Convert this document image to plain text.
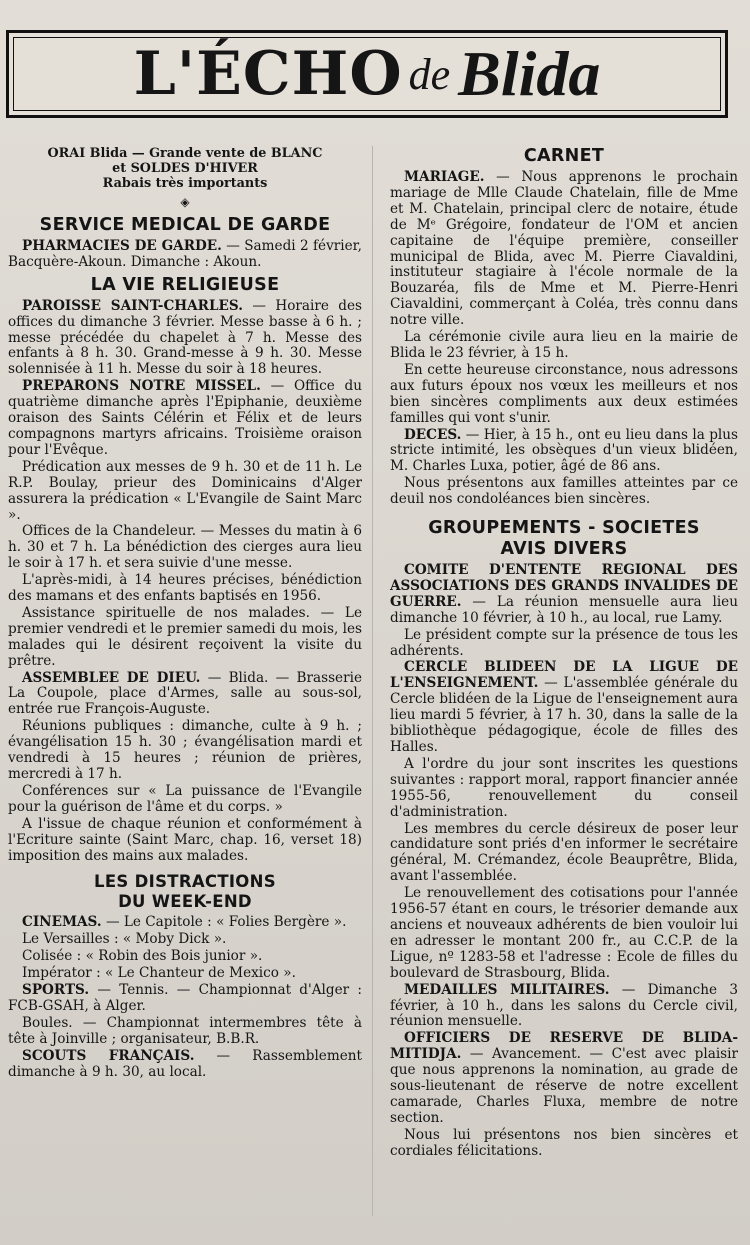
L'ÉCHO de Blida
ORAI Blida — Grande vente de BLANC
et SOLDES D'HIVER
Rabais très importants
◈
SERVICE MEDICAL DE GARDE

PHARMACIES DE GARDE. — Samedi 2 février, Bacquère-Akoun. Dimanche : Akoun.

LA VIE RELIGIEUSE

PAROISSE SAINT-CHARLES. — Horaire des offices du dimanche 3 février. Messe basse à 6 h. ; messe précédée du chapelet à 7 h. Messe des enfants à 8 h. 30. Grand-messe à 9 h. 30. Messe solennisée à 11 h. Messe du soir à 18 heures.

PREPARONS NOTRE MISSEL. — Office du quatrième dimanche après l'Epiphanie, deuxième oraison des Saints Célérin et Félix et de leurs compagnons martyrs africains. Troisième oraison pour l'Evêque.

Prédication aux messes de 9 h. 30 et de 11 h. Le R.P. Boulay, prieur des Dominicains d'Alger assurera la prédication « L'Evangile de Saint Marc ».

Offices de la Chandeleur. — Messes du matin à 6 h. 30 et 7 h. La bénédiction des cierges aura lieu le soir à 17 h. et sera suivie d'une messe.

L'après-midi, à 14 heures précises, bénédiction des mamans et des enfants baptisés en 1956.

Assistance spirituelle de nos malades. — Le premier vendredi et le premier samedi du mois, les malades qui le désirent reçoivent la visite du prêtre.

ASSEMBLEE DE DIEU. — Blida. — Brasserie La Coupole, place d'Armes, salle au sous-sol, entrée rue François-Auguste.

Réunions publiques : dimanche, culte à 9 h. ; évangélisation 15 h. 30 ; évangélisation mardi et vendredi à 15 heures ; réunion de prières, mercredi à 17 h.

Conférences sur « La puissance de l'Evangile pour la guérison de l'âme et du corps. »

A l'issue de chaque réunion et conformément à l'Ecriture sainte (Saint Marc, chap. 16, verset 18) imposition des mains aux malades.

LES DISTRACTIONS
DU WEEK-END

CINEMAS. — Le Capitole : « Folies Bergère ».

Le Versailles : « Moby Dick ».

Colisée : « Robin des Bois junior ».

Impérator : « Le Chanteur de Mexico ».

SPORTS. — Tennis. — Championnat d'Alger : FCB-GSAH, à Alger.

Boules. — Championnat intermembres tête à tête à Joinville ; organisateur, B.B.R.

SCOUTS FRANÇAIS. — Rassemblement dimanche à 9 h. 30, au local.

CARNET

MARIAGE. — Nous apprenons le prochain mariage de Mlle Claude Chatelain, fille de Mme et M. Chatelain, principal clerc de notaire, étude de Mᵉ Grégoire, fondateur de l'OM et ancien capitaine de l'équipe première, conseiller municipal de Blida, avec M. Pierre Ciavaldini, instituteur stagiaire à l'école normale de la Bouzaréa, fils de Mme et M. Pierre-Henri Ciavaldini, commerçant à Coléa, très connu dans notre ville.

La cérémonie civile aura lieu en la mairie de Blida le 23 février, à 15 h.

En cette heureuse circonstance, nous adressons aux futurs époux nos vœux les meilleurs et nos bien sincères compliments aux deux estimées familles qui vont s'unir.

DECES. — Hier, à 15 h., ont eu lieu dans la plus stricte intimité, les obsèques d'un vieux blidéen, M. Charles Luxa, potier, âgé de 86 ans.

Nous présentons aux familles atteintes par ce deuil nos condoléances bien sincères.

GROUPEMENTS - SOCIETES
AVIS DIVERS

COMITE D'ENTENTE REGIONAL DES ASSOCIATIONS DES GRANDS INVALIDES DE GUERRE. — La réunion mensuelle aura lieu dimanche 10 février, à 10 h., au local, rue Lamy.

Le président compte sur la présence de tous les adhérents.

CERCLE BLIDEEN DE LA LIGUE DE L'ENSEIGNEMENT. — L'assemblée générale du Cercle blidéen de la Ligue de l'enseignement aura lieu mardi 5 février, à 17 h. 30, dans la salle de la bibliothèque pédagogique, école de filles des Halles.

A l'ordre du jour sont inscrites les questions suivantes : rapport moral, rapport financier année 1955-56, renouvellement du conseil d'administration.

Les membres du cercle désireux de poser leur candidature sont priés d'en informer le secrétaire général, M. Crémandez, école Beauprêtre, Blida, avant l'assemblée.

Le renouvellement des cotisations pour l'année 1956-57 étant en cours, le trésorier demande aux anciens et nouveaux adhérents de bien vouloir lui en adresser le montant 200 fr., au C.C.P. de la Ligue, nº 1283-58 et l'adresse : Ecole de filles du boulevard de Strasbourg, Blida.

MEDAILLES MILITAIRES. — Dimanche 3 février, à 10 h., dans les salons du Cercle civil, réunion mensuelle.

OFFICIERS DE RESERVE DE BLIDA-MITIDJA. — Avancement. — C'est avec plaisir que nous apprenons la nomination, au grade de sous-lieutenant de réserve de notre excellent camarade, Charles Fluxa, membre de notre section.

Nous lui présentons nos bien sincères et cordiales félicitations.
